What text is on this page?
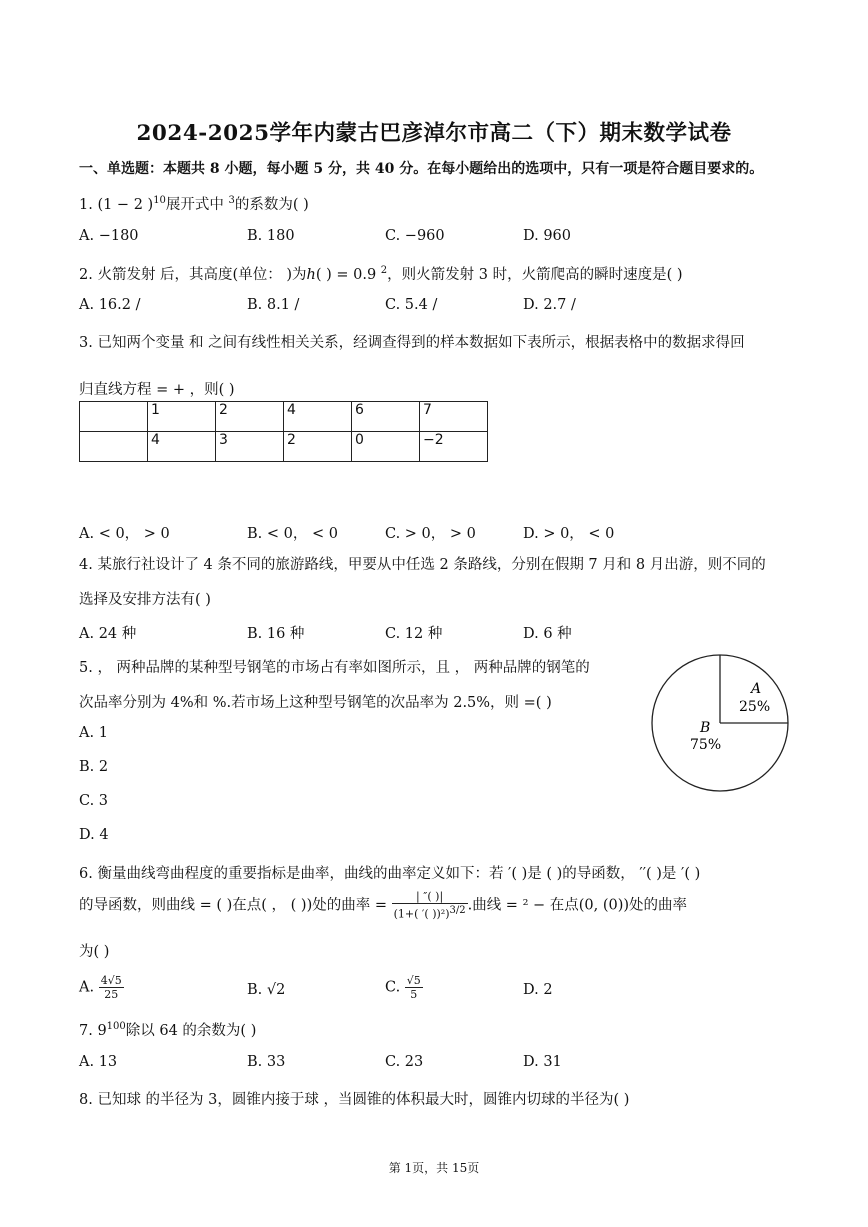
2024-2025学年内蒙古巴彦淖尔市高二（下）期末数学试卷
一、单选题：本题共 8 小题，每小题 5 分，共 40 分。在每小题给出的选项中，只有一项是符合题目要求的。
1. (1 − 2 )$^{10}$展开式中 $^3$的系数为( )
A. −180	B. 180	C. −960	D. 960
2. 火箭发射 后，其高度(单位： )为ℎ( ) = 0.9 $^2$，则火箭发射 3 时，火箭爬高的瞬时速度是( )
A. 16.2 /	B. 8.1 /	C. 5.4 /	D. 2.7 /
3. 已知两个变量 和 之间有线性相关关系，经调查得到的样本数据如下表所示，根据表格中的数据求得回
归直线方程 = + ，则( )
	1	2	4	6	7
	4	3	2	0	−2
A. < 0， > 0	B. < 0， < 0	C. > 0， > 0	D. > 0， < 0
4. 某旅行社设计了 4 条不同的旅游路线，甲要从中任选 2 条路线，分别在假期 7 月和 8 月出游，则不同的
选择及安排方法有( )
A. 24 种	B. 16 种	C. 12 种	D. 6 种
5. ， 两种品牌的某种型号钢笔的市场占有率如图所示，且 ， 两种品牌的钢笔的
次品率分别为 4%和 %.若市场上这种型号钢笔的次品率为 2.5%，则 =( )
A. 1
B. 2
C. 3
D. 4
A
25%
B
75%
6. 衡量曲线弯曲程度的重要指标是曲率，曲线的曲率定义如下：若 ′( )是 ( )的导函数， ′′( )是 ′( )
的导函数，则曲线 = ( )在点( ， ( ))处的曲率 = $\frac{| ''( )|}{(1+( '( ))^2)^{3/2}}$ .曲线 = ² − 在点(0, (0))处的曲率
为( )
A. $\frac{4√5}{25}$	B. √2	C. $\frac{√5}{5}$	D. 2
7. $9^{100}$除以 64 的余数为( )
A. 13	B. 33	C. 23	D. 31
8. 已知球 的半径为 3，圆锥内接于球 ，当圆锥的体积最大时，圆锥内切球的半径为( )
第 1页，共 15页
